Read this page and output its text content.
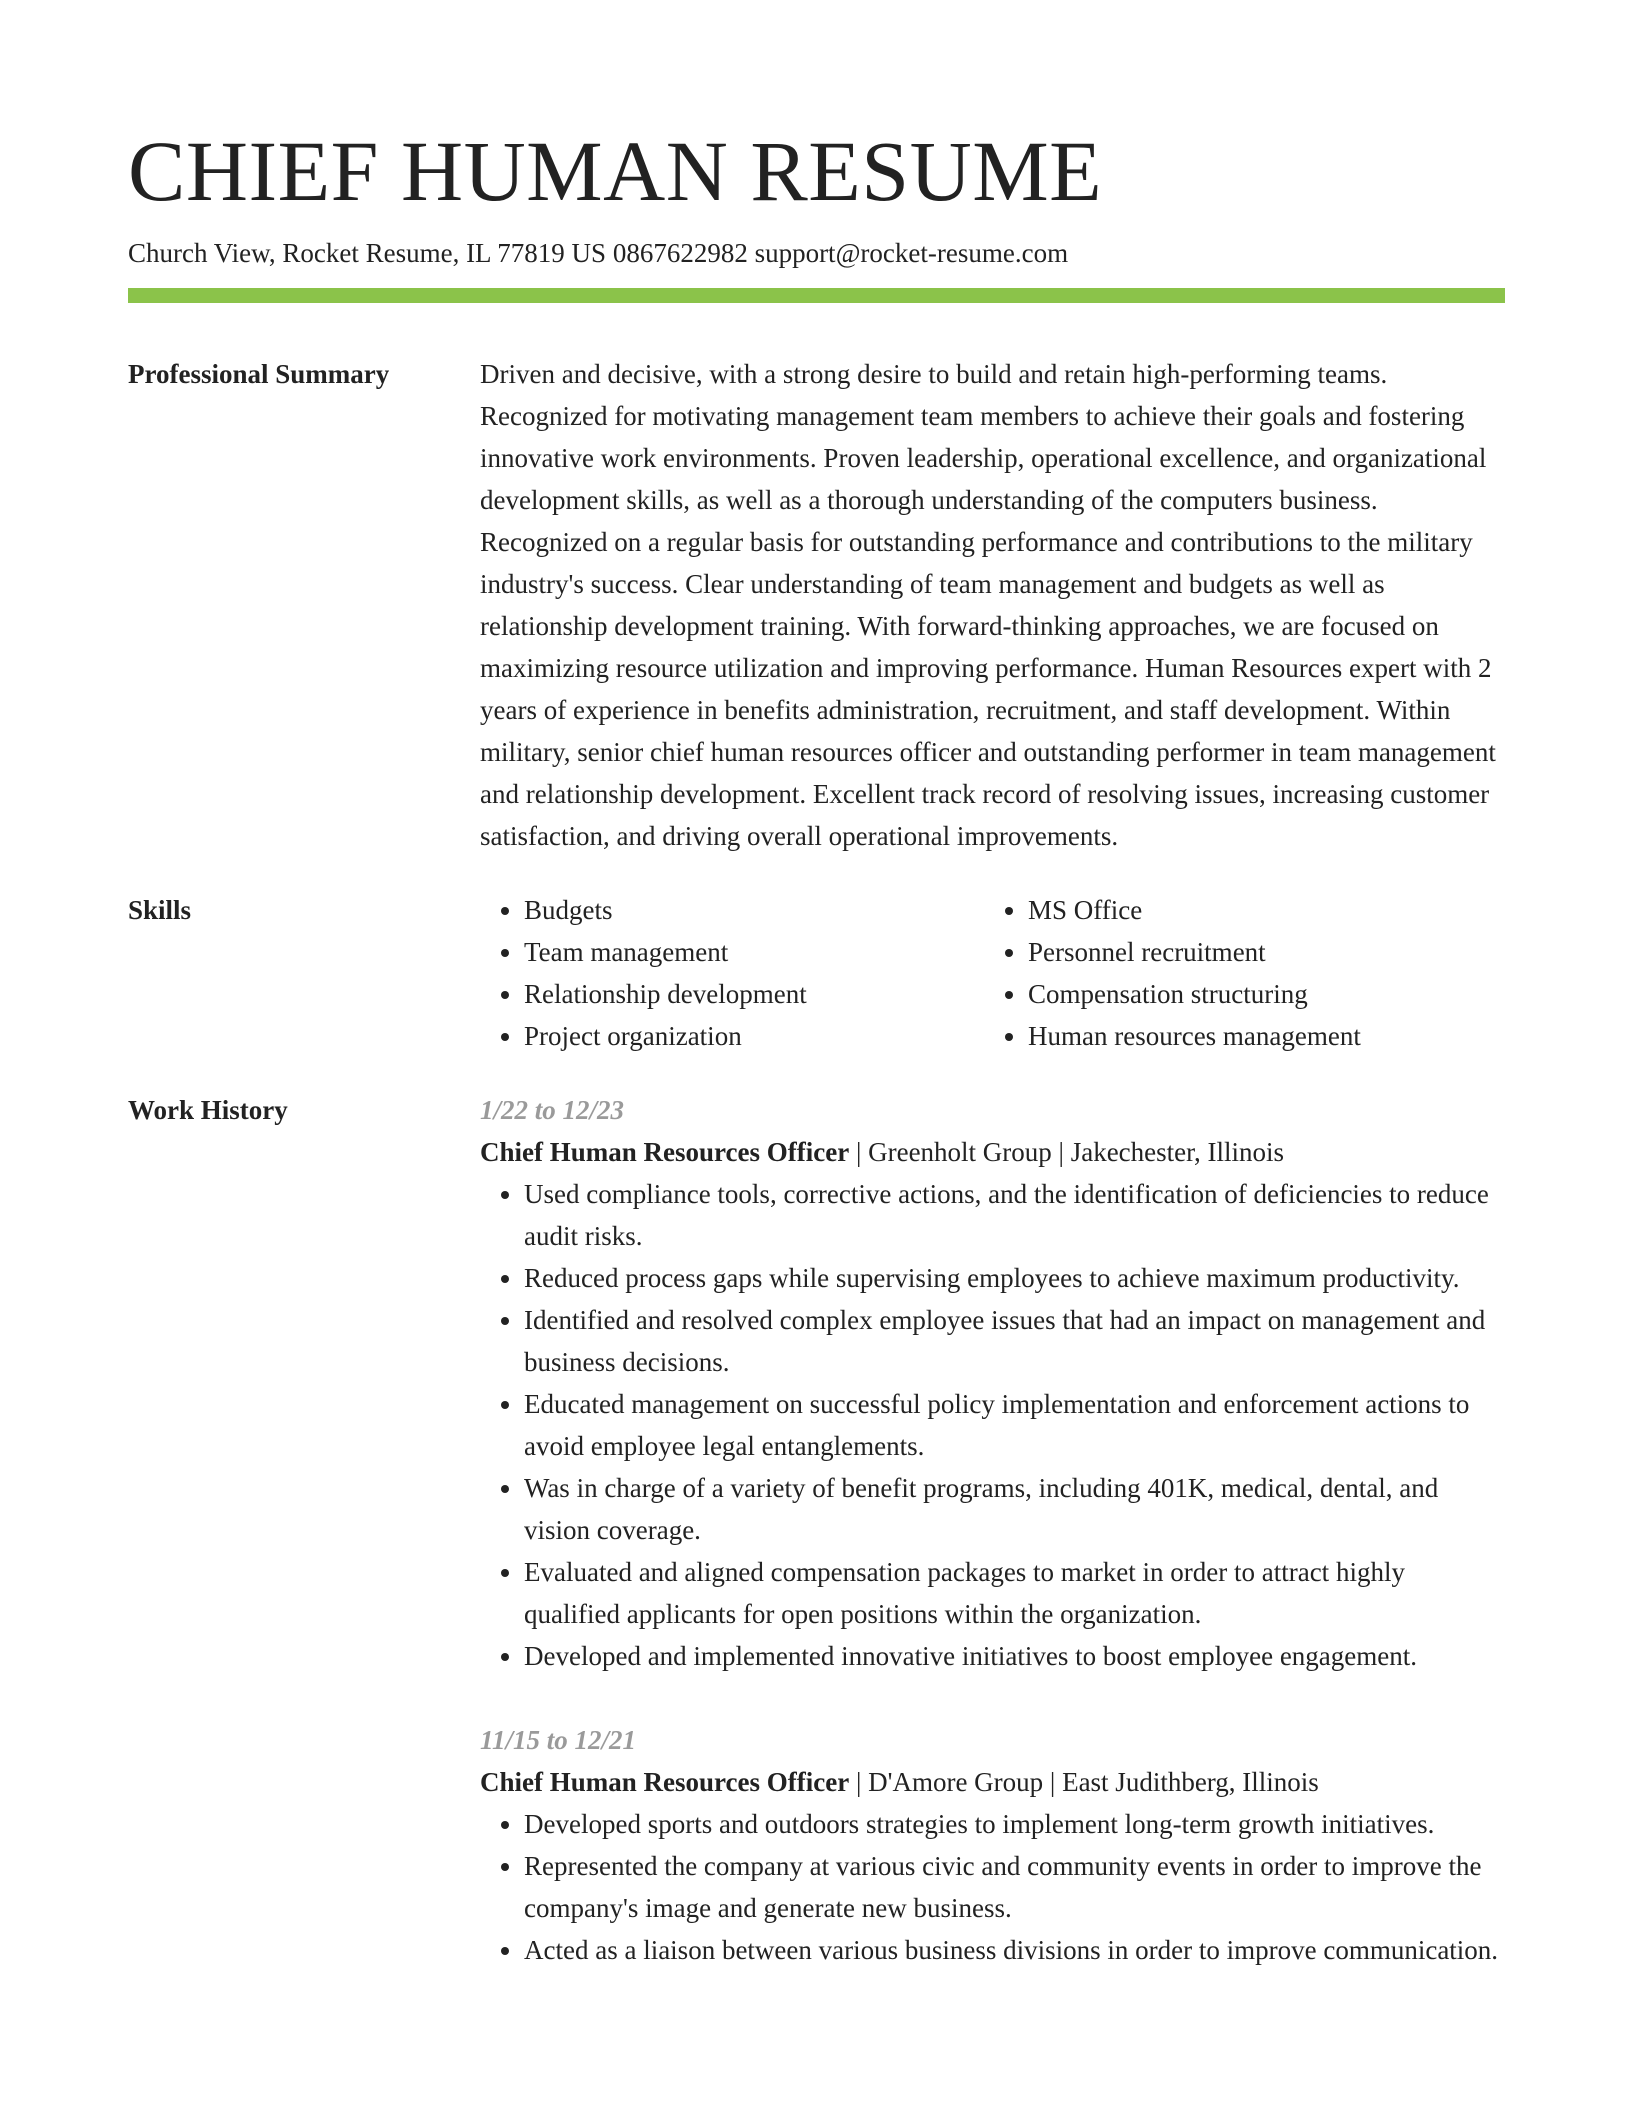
CHIEF HUMAN RESUME
Church View, Rocket Resume, IL 77819 US 0867622982 support@rocket-resume.com
Professional Summary	Driven and decisive, with a strong desire to build and retain high-performing teams. Recognized for motivating management team members to achieve their goals and fostering innovative work environments. Proven leadership, operational excellence, and organizational development skills, as well as a thorough understanding of the computers business. Recognized on a regular basis for outstanding performance and contributions to the military industry's success. Clear understanding of team management and budgets as well as relationship development training. With forward-thinking approaches, we are focused on maximizing resource utilization and improving performance. Human Resources expert with 2 years of experience in benefits administration, recruitment, and staff development. Within military, senior chief human resources officer and outstanding performer in team management and relationship development. Excellent track record of resolving issues, increasing customer satisfaction, and driving overall operational improvements.

Skills
•	Budgets
• Team management
• Relationship development
• Project organization
• MS Office
• Personnel recruitment
• Compensation structuring
• Human resources management
Work History	1/22 to 12/23
Chief Human Resources Officer | Greenholt Group | Jakechester, Illinois
• Used compliance tools, corrective actions, and the identification of deficiencies to reduce audit risks.
• Reduced process gaps while supervising employees to achieve maximum productivity.
• Identified and resolved complex employee issues that had an impact on management and business decisions.
• Educated management on successful policy implementation and enforcement actions to avoid employee legal entanglements.
• Was in charge of a variety of benefit programs, including 401K, medical, dental, and vision coverage.
• Evaluated and aligned compensation packages to market in order to attract highly qualified applicants for open positions within the organization.
• Developed and implemented innovative initiatives to boost employee engagement.
11/15 to 12/21
Chief Human Resources Officer | D'Amore Group | East Judithberg, Illinois
• Developed sports and outdoors strategies to implement long-term growth initiatives.
• Represented the company at various civic and community events in order to improve the company's image and generate new business.
• Acted as a liaison between various business divisions in order to improve communication.
